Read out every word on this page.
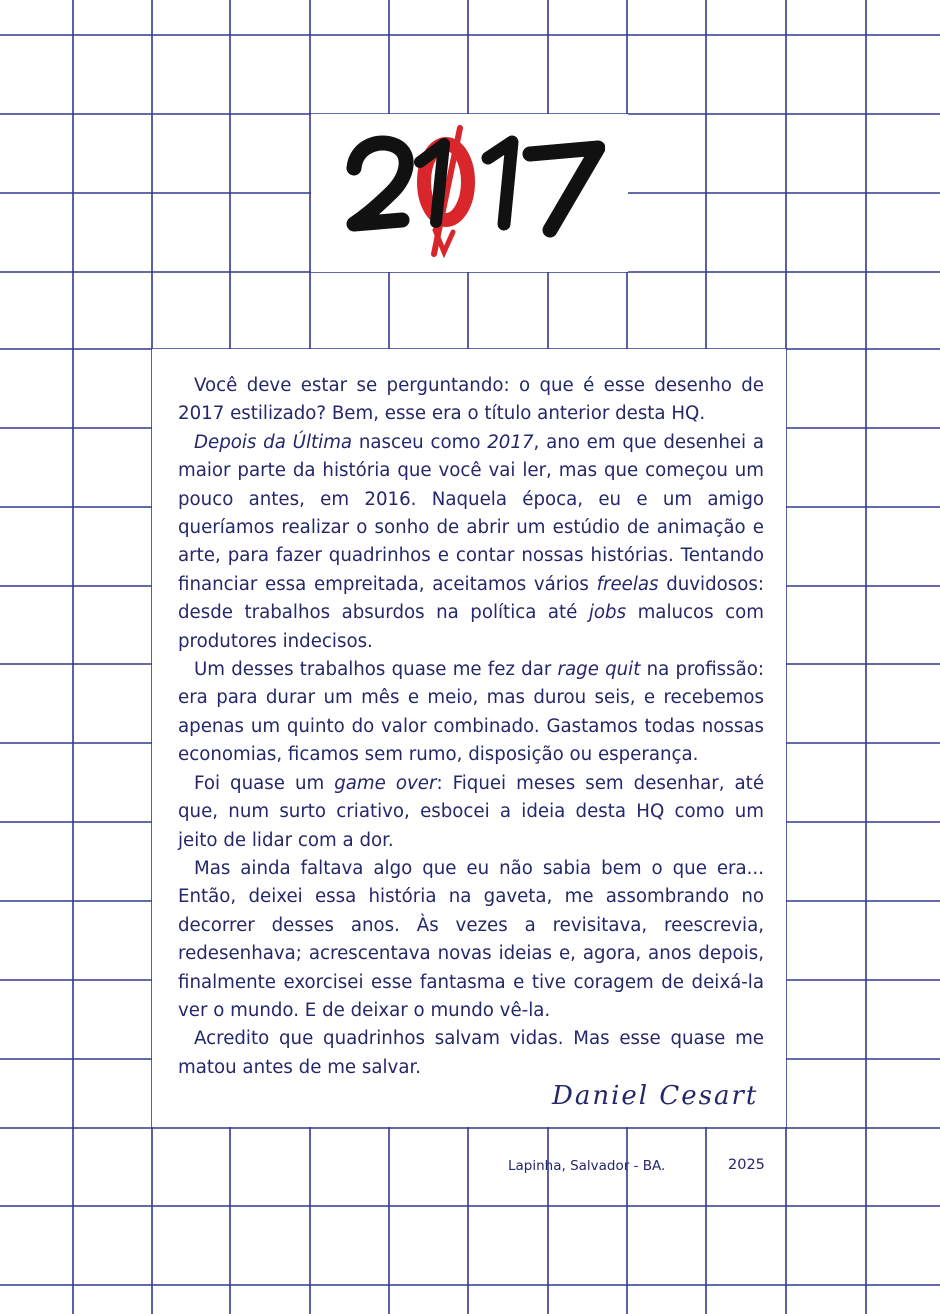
Você deve estar se perguntando: o que é esse desenho de 2017 estilizado? Bem, esse era o título anterior desta HQ.

Depois da Última nasceu como 2017, ano em que desenhei a maior parte da história que você vai ler, mas que começou um pouco antes, em 2016. Naquela época, eu e um amigo queríamos realizar o sonho de abrir um estúdio de animação e arte, para fazer quadrinhos e contar nossas histórias. Tentando financiar essa empreitada, aceitamos vários freelas duvidosos: desde trabalhos absurdos na política até jobs malucos com produtores indecisos.

Um desses trabalhos quase me fez dar rage quit na profissão: era para durar um mês e meio, mas durou seis, e recebemos apenas um quinto do valor combinado. Gastamos todas nossas economias, ficamos sem rumo, disposição ou esperança.

Foi quase um game over: Fiquei meses sem desenhar, até que, num surto criativo, esbocei a ideia desta HQ como um jeito de lidar com a dor.

Mas ainda faltava algo que eu não sabia bem o que era... Então, deixei essa história na gaveta, me assombrando no decorrer desses anos. Às vezes a revisitava, reescrevia, redesenhava; acrescentava novas ideias e, agora, anos depois, finalmente exorcisei esse fantasma e tive coragem de deixá-la ver o mundo. E de deixar o mundo vê-la.

Acredito que quadrinhos salvam vidas. Mas esse quase me matou antes de me salvar.

Daniel Cesart
Lapinha, Salvador - BA.	2025
